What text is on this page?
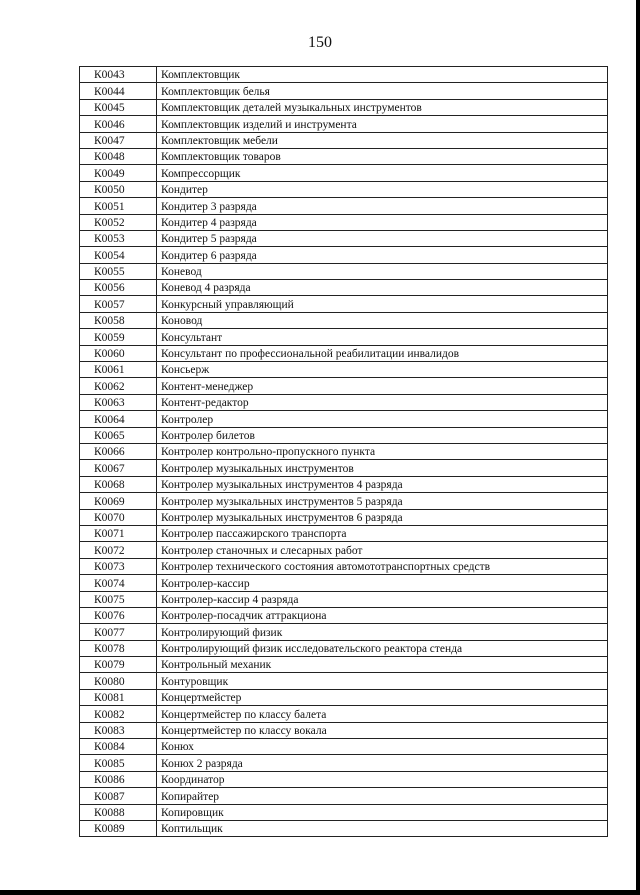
150
К0043	Комплектовщик
К0044	Комплектовщик белья
К0045	Комплектовщик деталей музыкальных инструментов
К0046	Комплектовщик изделий и инструмента
К0047	Комплектовщик мебели
К0048	Комплектовщик товаров
К0049	Компрессорщик
К0050	Кондитер
К0051	Кондитер 3 разряда
К0052	Кондитер 4 разряда
К0053	Кондитер 5 разряда
К0054	Кондитер 6 разряда
К0055	Коневод
К0056	Коневод 4 разряда
К0057	Конкурсный управляющий
К0058	Коновод
К0059	Консультант
К0060	Консультант по профессиональной реабилитации инвалидов
К0061	Консьерж
К0062	Контент-менеджер
К0063	Контент-редактор
К0064	Контролер
К0065	Контролер билетов
К0066	Контролер контрольно-пропускного пункта
К0067	Контролер музыкальных инструментов
К0068	Контролер музыкальных инструментов 4 разряда
К0069	Контролер музыкальных инструментов 5 разряда
К0070	Контролер музыкальных инструментов 6 разряда
К0071	Контролер пассажирского транспорта
К0072	Контролер станочных и слесарных работ
К0073	Контролер технического состояния автомототранспортных средств
К0074	Контролер-кассир
К0075	Контролер-кассир 4 разряда
К0076	Контролер-посадчик аттракциона
К0077	Контролирующий физик
К0078	Контролирующий физик исследовательского реактора стенда
К0079	Контрольный механик
К0080	Контуровщик
К0081	Концертмейстер
К0082	Концертмейстер по классу балета
К0083	Концертмейстер по классу вокала
К0084	Конюх
К0085	Конюх 2 разряда
К0086	Координатор
К0087	Копирайтер
К0088	Копировщик
К0089	Коптильщик
